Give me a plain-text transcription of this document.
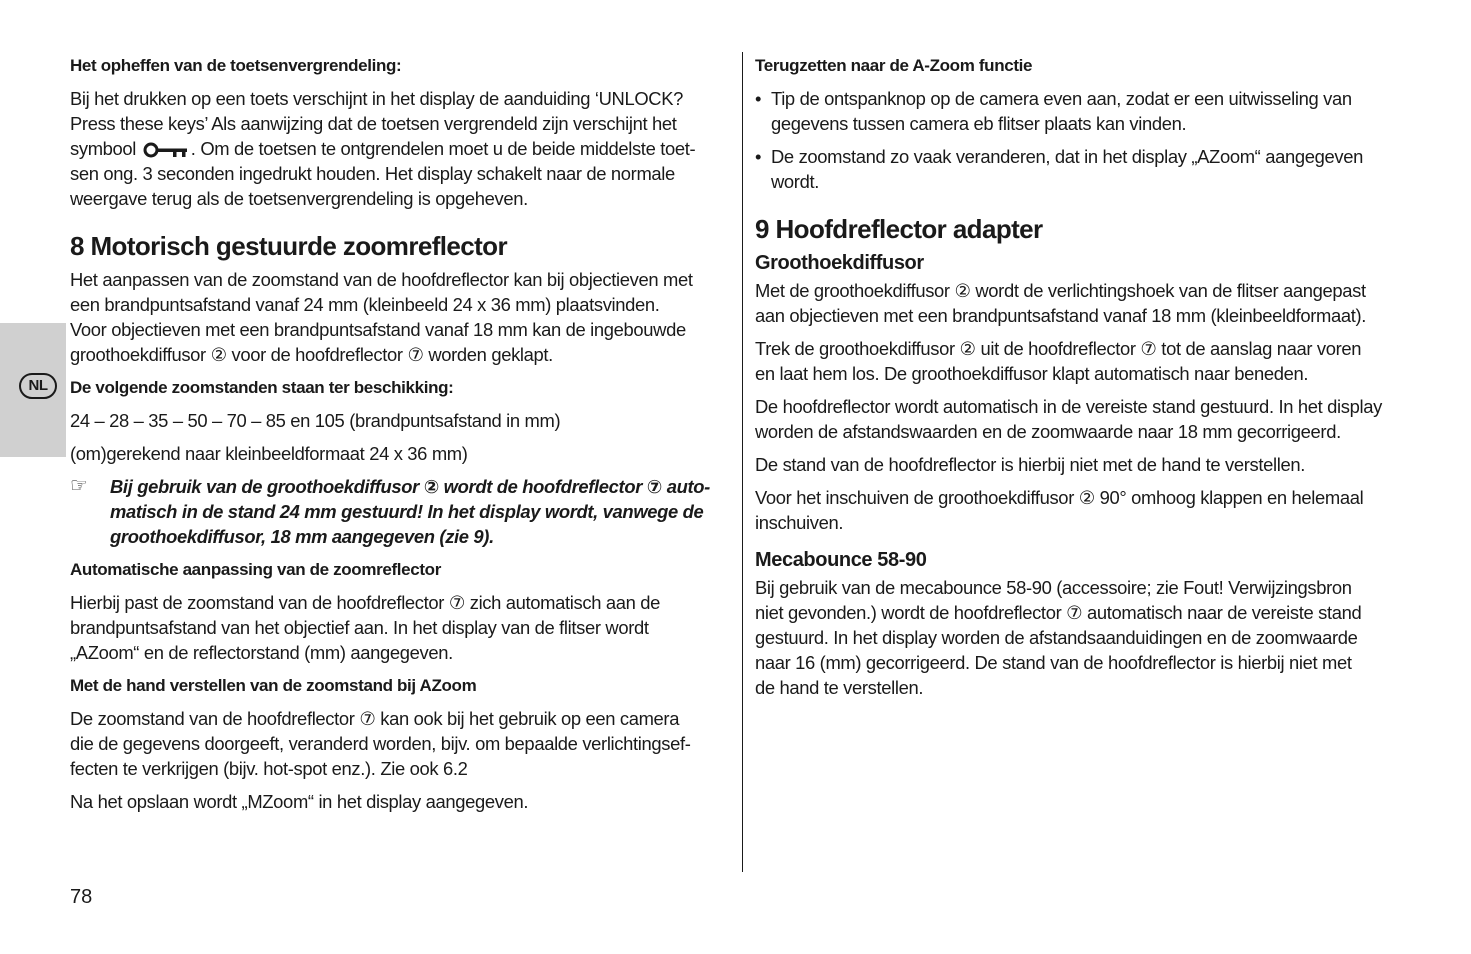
NL
Het opheffen van de toetsenvergrendeling:
Bij het drukken op een toets verschijnt in het display de aanduiding ‘UNLOCK?
Press these keys’ Als aanwijzing dat de toetsen vergrendeld zijn verschijnt het
symbool	. Om de toetsen te ontgrendelen moet u de beide middelste toet-
sen ong. 3 seconden ingedrukt houden. Het display schakelt naar de normale
weergave terug als de toetsenvergrendeling is opgeheven.
8 Motorisch gestuurde zoomreflector
Het aanpassen van de zoomstand van de hoofdreflector kan bij objectieven met
een brandpuntsafstand vanaf 24 mm (kleinbeeld 24 x 36 mm) plaatsvinden.
Voor objectieven met een brandpuntsafstand vanaf 18 mm kan de ingebouwde
groothoekdiffusor ② voor de hoofdreflector ⑦ worden geklapt.
De volgende zoomstanden staan ter beschikking:
24 – 28 – 35 – 50 – 70 – 85 en 105 (brandpuntsafstand in mm)
(om)gerekend naar kleinbeeldformaat 24 x 36 mm)
☞	Bij gebruik van de groothoekdiffusor ② wordt de hoofdreflector ⑦ auto-
matisch in de stand 24 mm gestuurd! In het display wordt, vanwege de
groothoekdiffusor, 18 mm aangegeven (zie 9).
Automatische aanpassing van de zoomreflector
Hierbij past de zoomstand van de hoofdreflector ⑦ zich automatisch aan de
brandpuntsafstand van het objectief aan. In het display van de flitser wordt
„AZoom“ en de reflectorstand (mm) aangegeven.
Met de hand verstellen van de zoomstand bij AZoom
De zoomstand van de hoofdreflector ⑦ kan ook bij het gebruik op een camera
die de gegevens doorgeeft, veranderd worden, bijv. om bepaalde verlichtingsef-
fecten te verkrijgen (bijv. hot-spot enz.). Zie ook 6.2
Na het opslaan wordt „MZoom“ in het display aangegeven.
Terugzetten naar de A-Zoom functie
• Tip de ontspanknop op de camera even aan, zodat er een uitwisseling van
gegevens tussen camera eb flitser plaats kan vinden.
• De zoomstand zo vaak veranderen, dat in het display „AZoom“ aangegeven
wordt.
9 Hoofdreflector adapter
Groothoekdiffusor
Met de groothoekdiffusor ② wordt de verlichtingshoek van de flitser aangepast
aan objectieven met een brandpuntsafstand vanaf 18 mm (kleinbeeldformaat).
Trek de groothoekdiffusor ② uit de hoofdreflector ⑦ tot de aanslag naar voren
en laat hem los. De groothoekdiffusor klapt automatisch naar beneden.
De hoofdreflector wordt automatisch in de vereiste stand gestuurd. In het display
worden de afstandswaarden en de zoomwaarde naar 18 mm gecorrigeerd.
De stand van de hoofdreflector is hierbij niet met de hand te verstellen.
Voor het inschuiven de groothoekdiffusor ② 90° omhoog klappen en helemaal
inschuiven.
Mecabounce 58-90
Bij gebruik van de mecabounce 58-90 (accessoire; zie Fout! Verwijzingsbron
niet gevonden.) wordt de hoofdreflector ⑦ automatisch naar de vereiste stand
gestuurd. In het display worden de afstandsaanduidingen en de zoomwaarde
naar 16 (mm) gecorrigeerd. De stand van de hoofdreflector is hierbij niet met
de hand te verstellen.
78
